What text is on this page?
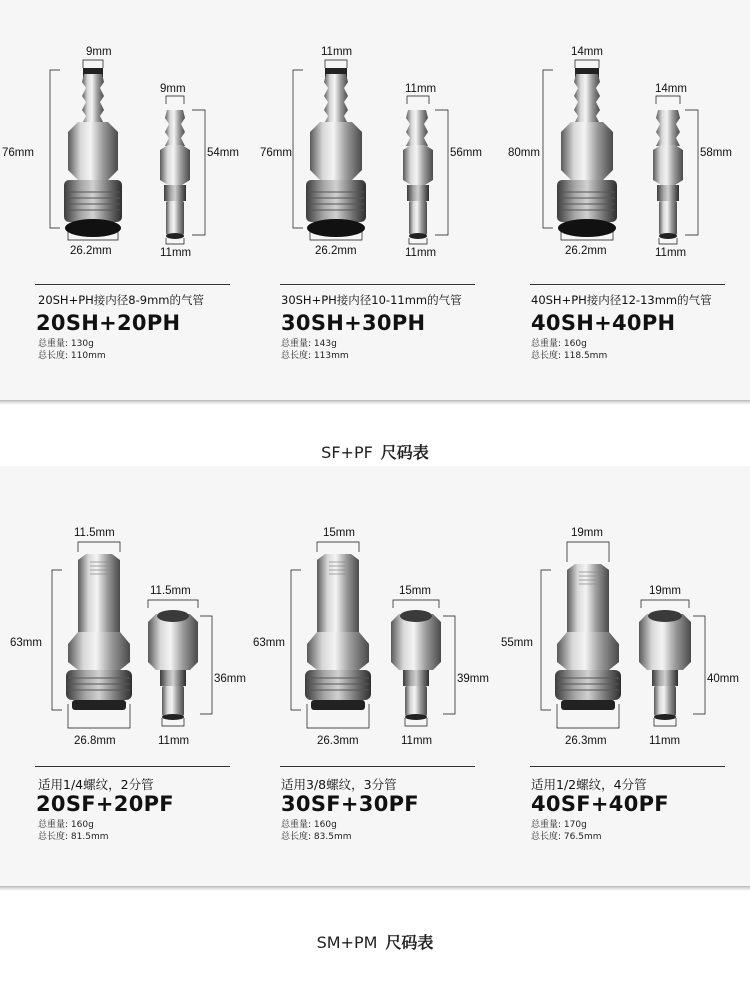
SF+PF 尺码表
SM+PM 尺码表
9mm
76mm
26.2mm
9mm
54mm
11mm
20SH+PH接内径8-9mm的气管
20SH+20PH
总重量: 130g
总长度: 110mm
11mm
76mm
26.2mm
11mm
56mm
11mm
30SH+PH接内径10-11mm的气管
30SH+30PH
总重量: 143g
总长度: 113mm
14mm
80mm
26.2mm
14mm
58mm
11mm
40SH+PH接内径12-13mm的气管
40SH+40PH
总重量: 160g
总长度: 118.5mm
11.5mm
63mm
26.8mm
11.5mm
36mm
11mm
适用1/4螺纹，2分管
20SF+20PF
总重量: 160g
总长度: 81.5mm
15mm
63mm
26.3mm
15mm
39mm
11mm
适用3/8螺纹，3分管
30SF+30PF
总重量: 160g
总长度: 83.5mm
19mm
55mm
26.3mm
19mm
40mm
11mm
适用1/2螺纹，4分管
40SF+40PF
总重量: 170g
总长度: 76.5mm
